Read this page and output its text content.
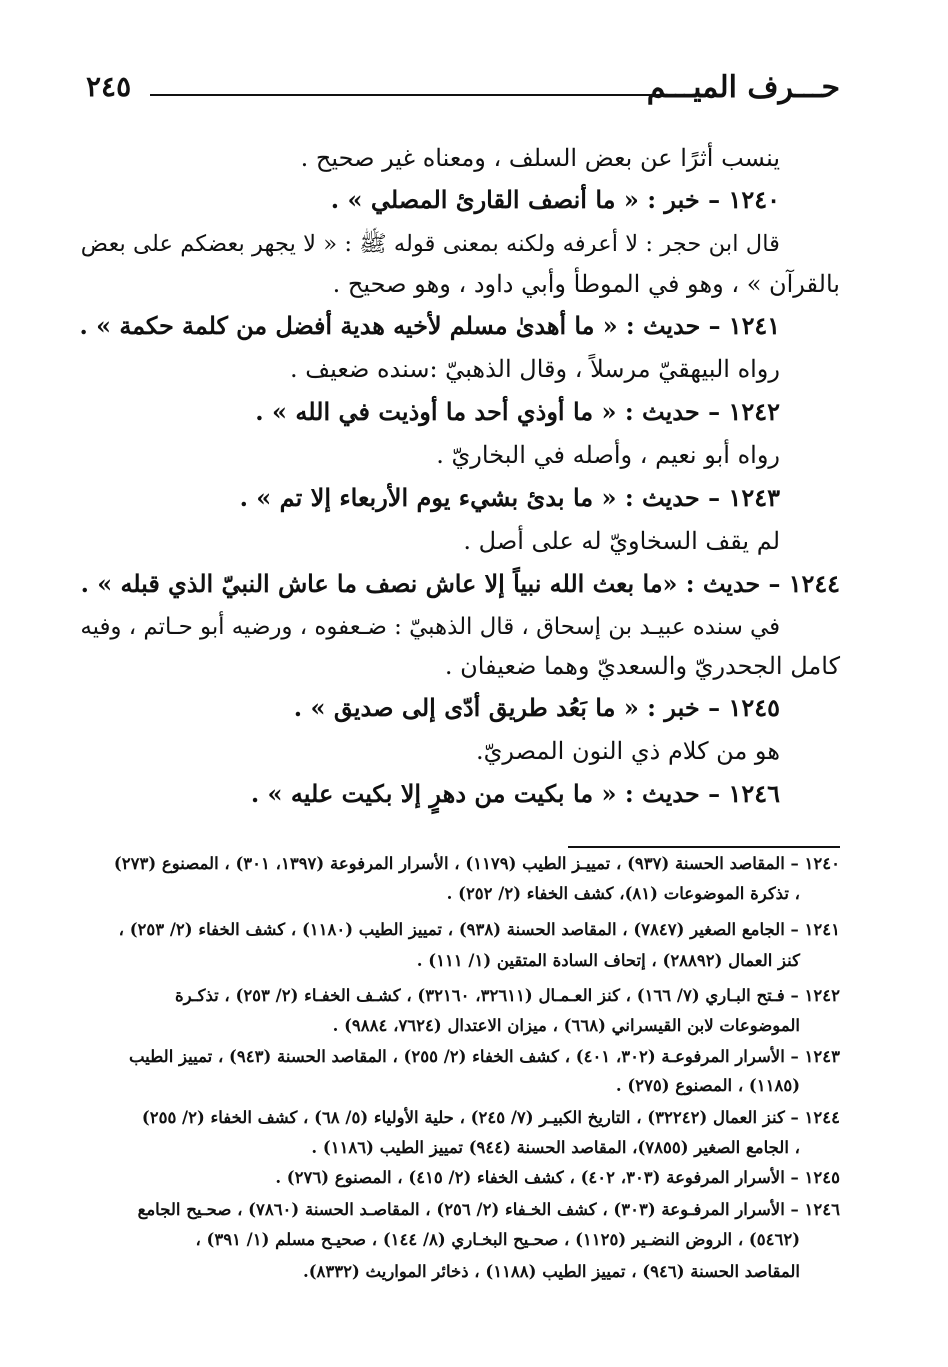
حـــرف الميـــم
٢٤٥
ينسب أثرًا عن بعض السلف ، ومعناه غير صحيح .
١٢٤٠ – خبر : « ما أنصف القارئ المصلي » .
قال ابن حجر : لا أعرفه ولكنه بمعنى قوله ﷺ : « لا يجهر بعضكم على بعض
بالقرآن » ، وهو في الموطأ وأبي داود ، وهو صحيح .
١٢٤١ – حديث : « ما أهدىٰ مسلم لأخيه هدية أفضل من كلمة حكمة » .
رواه البيهقيّ مرسلاً ، وقال الذهبيّ :سنده ضعيف .
١٢٤٢ – حديث : « ما أوذي أحد ما أوذيت في الله » .
رواه أبو نعيم ، وأصله في البخاريّ .
١٢٤٣ – حديث : « ما بدئ بشيء يوم الأربعاء إلا تم » .
لم يقف السخاويّ له على أصل .
١٢٤٤ – حديث : «ما بعث الله نبياً إلا عاش نصف ما عاش النبيّ الذي قبله » .
في سنده عبيـد بن إسحاق ، قال الذهبيّ : ضـعفوه ، ورضيه أبو حـاتم ، وفيه
كامل الجحدريّ والسعديّ وهما ضعيفان .
١٢٤٥ – خبر : « ما بَعُد طريق أدّى إلى صديق » .
هو من كلام ذي النون المصريّ.
١٢٤٦ – حديث : « ما بكيت من دهرٍ إلا بكيت عليه » .
١٢٤٠ – المقاصد الحسنة (٩٣٧) ، تمييـز الطيب (١١٧٩) ، الأسرار المرفوعة (١٣٩٧، ٣٠١) ، المصنوع (٢٧٣)
، تذكرة الموضوعات (٨١)، كشف الخفاء (٢/ ٢٥٢) .
١٢٤١ – الجامع الصغير (٧٨٤٧) ، المقاصد الحسنة (٩٣٨) ، تمييز الطيب (١١٨٠) ، كشف الخفاء (٢/ ٢٥٣) ،
كنز العمال (٢٨٨٩٢) ، إتحاف السادة المتقين (١/ ١١١) .
١٢٤٢ – فـتح البـاري (٧/ ١٦٦) ، كنز العـمـال (٣٢٦١١، ٣٢١٦٠) ، كشـف الخفـاء (٢/ ٢٥٣) ، تذكـرة
الموضوعات لابن القيسراني (٦٦٨) ، ميزان الاعتدال (٧٦٢٤، ٩٨٨٤) .
١٢٤٣ – الأسرار المرفوعـة (٣٠٢، ٤٠١) ، كشف الخفاء (٢/ ٢٥٥) ، المقاصد الحسنة (٩٤٣) ، تمييز الطيب
(١١٨٥) ، المصنوع (٢٧٥) .
١٢٤٤ – كنز العمال (٣٢٢٤٢) ، التاريخ الكبيـر (٧/ ٢٤٥) ، حلية الأولياء (٥/ ٦٨) ، كشف الخفاء (٢/ ٢٥٥)
، الجامع الصغير (٧٨٥٥)، المقاصد الحسنة (٩٤٤) تمييز الطيب (١١٨٦) .
١٢٤٥ – الأسرار المرفوعة (٣٠٣، ٤٠٢) ، كشف الخفاء (٢/ ٤١٥) ، المصنوع (٢٧٦) .
١٢٤٦ – الأسرار المرفـوعة (٣٠٣) ، كشف الخـفاء (٢/ ٢٥٦) ، المقاصـد الحسنة (٧٨٦٠) ، صحـيح الجامع
(٥٤٦٢) ، الروض النضـير (١١٢٥) ، صحـيح البخـاري (٨/ ١٤٤) ، صحيـح مسلم (١/ ٣٩١) ،
المقاصد الحسنة (٩٤٦) ، تمييز الطيب (١١٨٨) ، ذخائر المواريث (٨٣٣٢).
